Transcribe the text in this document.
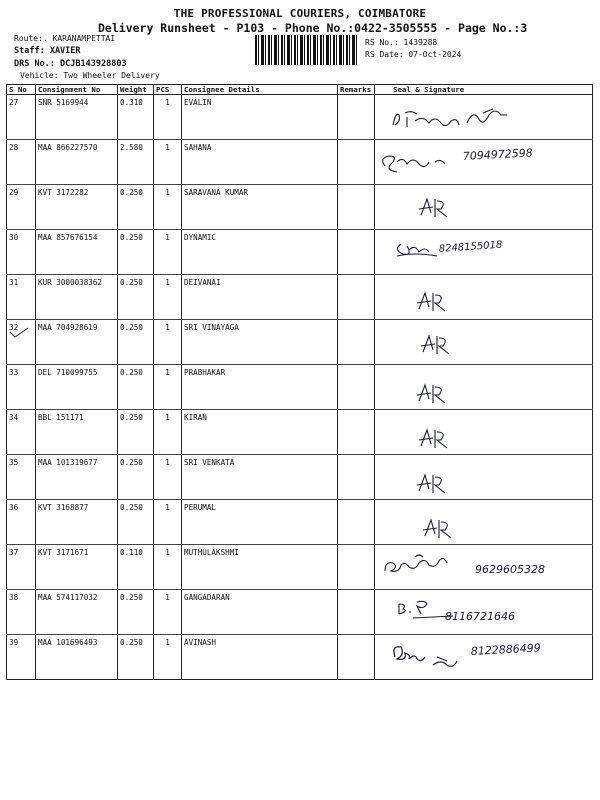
THE PROFESSIONAL COURIERS, COIMBATORE
Delivery Runsheet - P103 - Phone No.:0422-3505555 - Page No.:3
Route:. KARANAMPETTAI
Staff: XAVIER
DRS No.: DCJB143928803
Vehicle: Two Wheeler Delivery
RS No.: 1439288
RS Date: 07-Oct-2024
S No	Consignment No	Weight	PCS	Consignee Details	Remarks	Seal & Signature
27	SNR 5169944	0.310	1	EVALIN		

28	MAA 866227570	2.580	1	SAHANA		7094972598

29	KVT 3172282	0.250	1	SARAVANA KUMAR		

30	MAA 857676154	0.250	1	DYNAMIC		8248155018

31	KUR 3000038362	0.250	1	DEIVANAI		

32	MAA 704928619	0.250	1	SRI VINAYAGA		

33	DEL 710099755	0.250	1	PRABHAKAR		

34	BBL 151171	0.250	1	KIRAN		

35	MAA 101319677	0.250	1	SRI VENKATA		

36	KVT 3168877	0.250	1	PERUMAL		

37	KVT 3171671	0.110	1	MUTHULAKSHMI		9629605328

38	MAA 574117032	0.250	1	GANGADARAN		8116721646

39	MAA 101696493	0.250	1	AVINASH		8122886499
